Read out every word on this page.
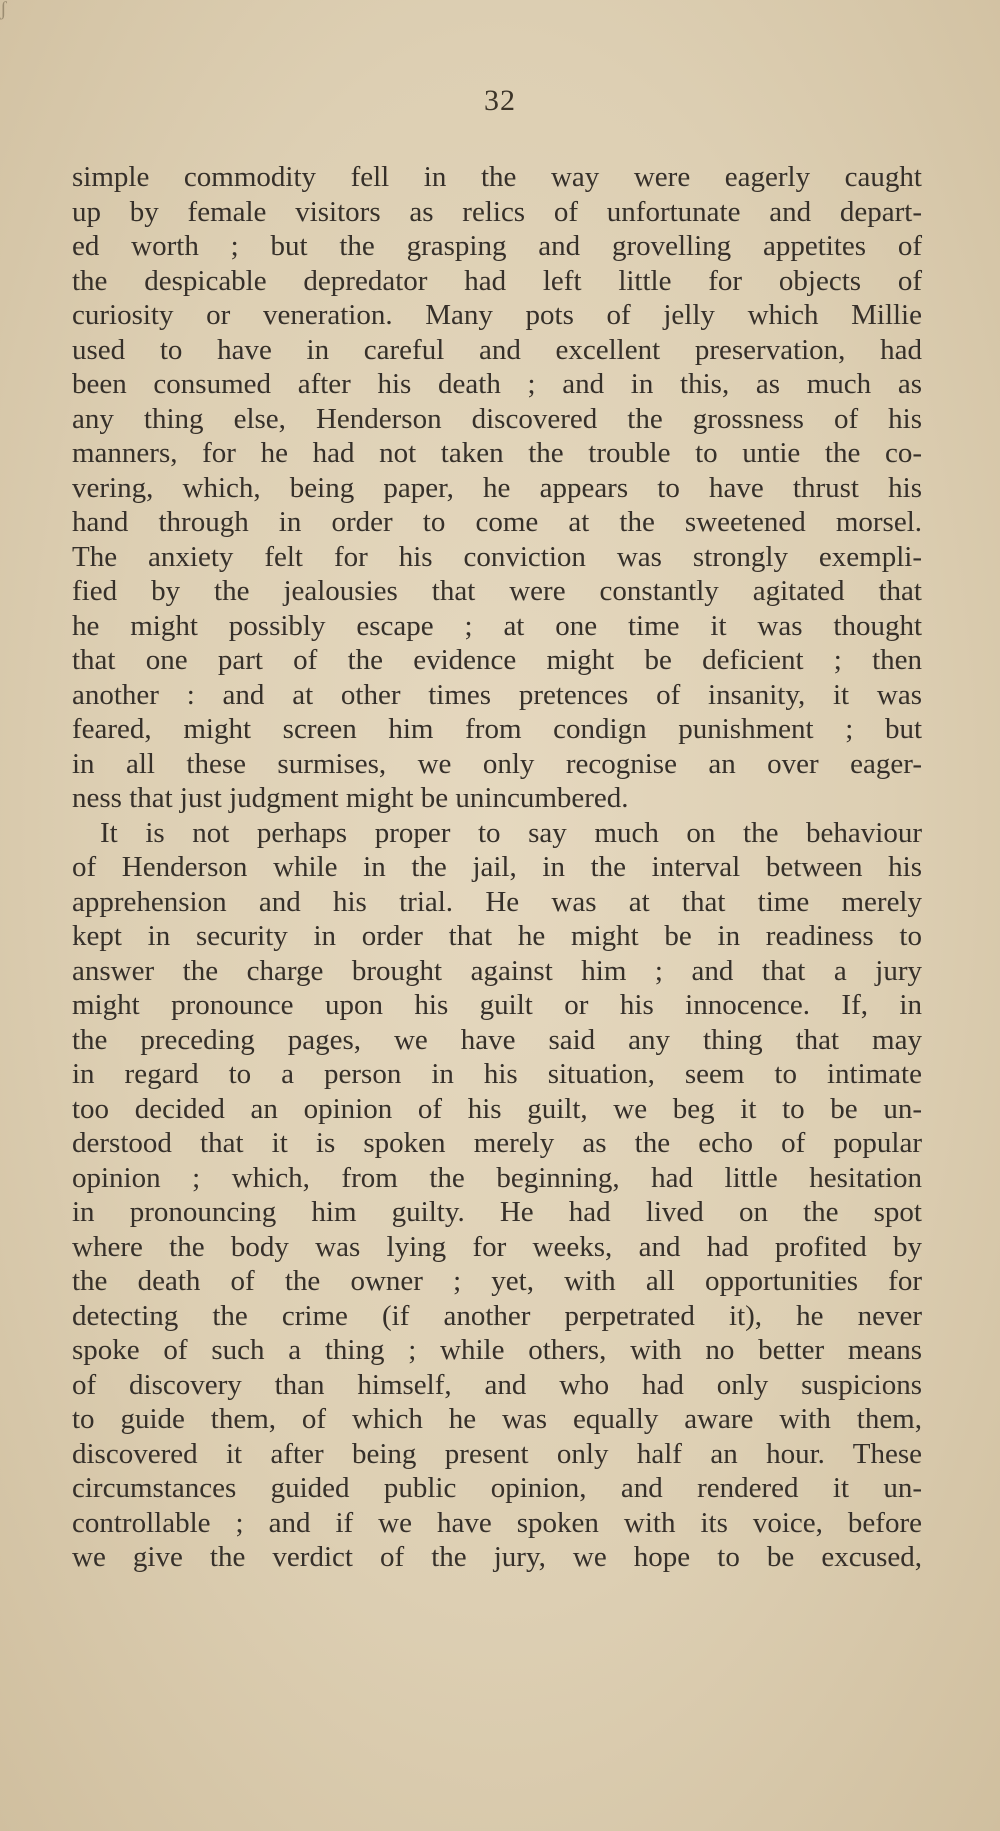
ʃ
32
simple commodity fell in the way were eagerly caught
up by female visitors as relics of unfortunate and depart-
ed worth ; but the grasping and grovelling appetites of
the despicable depredator had left little for objects of
curiosity or veneration. Many pots of jelly which Millie
used to have in careful and excellent preservation, had
been consumed after his death ; and in this, as much as
any thing else, Henderson discovered the grossness of his
manners, for he had not taken the trouble to untie the co-
vering, which, being paper, he appears to have thrust his
hand through in order to come at the sweetened morsel.
The anxiety felt for his conviction was strongly exempli-
fied by the jealousies that were constantly agitated that
he might possibly escape ; at one time it was thought
that one part of the evidence might be deficient ; then
another : and at other times pretences of insanity, it was
feared, might screen him from condign punishment ; but
in all these surmises, we only recognise an over eager-
ness that just judgment might be unincumbered.
It is not perhaps proper to say much on the behaviour
of Henderson while in the jail, in the interval between his
apprehension and his trial. He was at that time merely
kept in security in order that he might be in readiness to
answer the charge brought against him ; and that a jury
might pronounce upon his guilt or his innocence. If, in
the preceding pages, we have said any thing that may
in regard to a person in his situation, seem to intimate
too decided an opinion of his guilt, we beg it to be un-
derstood that it is spoken merely as the echo of popular
opinion ; which, from the beginning, had little hesitation
in pronouncing him guilty. He had lived on the spot
where the body was lying for weeks, and had profited by
the death of the owner ; yet, with all opportunities for
detecting the crime (if another perpetrated it), he never
spoke of such a thing ; while others, with no better means
of discovery than himself, and who had only suspicions
to guide them, of which he was equally aware with them,
discovered it after being present only half an hour. These
circumstances guided public opinion, and rendered it un-
controllable ; and if we have spoken with its voice, before
we give the verdict of the jury, we hope to be excused,
